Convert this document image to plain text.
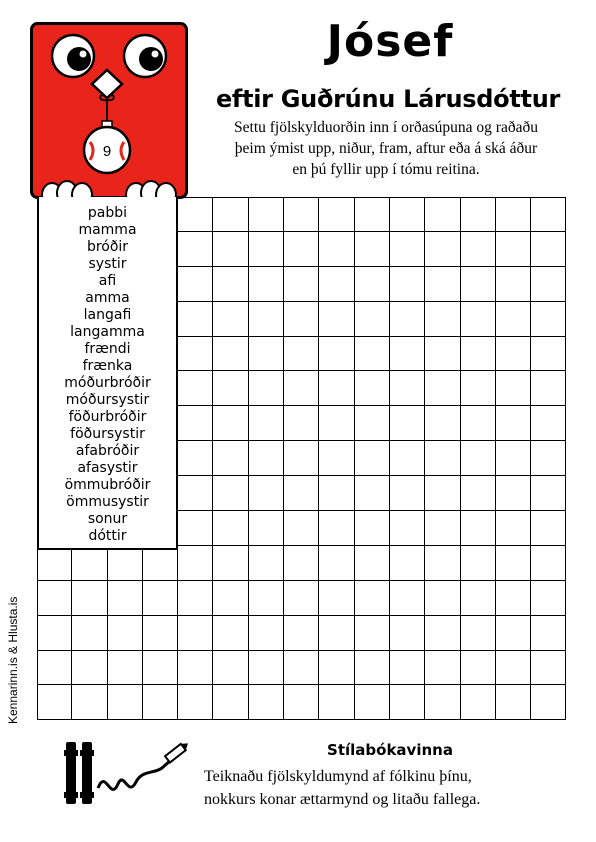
9
Jósef
eftir Guðrúnu Lárusdóttur
Settu fjölskylduorðin inn í orðasúpuna og raðaðu
þeim ýmist upp, niður, fram, aftur eða á ská áður
en þú fyllir upp í tómu reitina.
pabbi
mamma
bróðir
systir
afi
amma
langafi
langamma
frændi
frænka
móðurbróðir
móðursystir
föðurbróðir
föðursystir
afabróðir
afasystir
ömmubróðir
ömmusystir
sonur
dóttir
Kennarinn.is & Hlusta.is
Stílabókavinna
Teiknaðu fjölskyldumynd af fólkinu þínu,
nokkurs konar ættarmynd og litaðu fallega.
